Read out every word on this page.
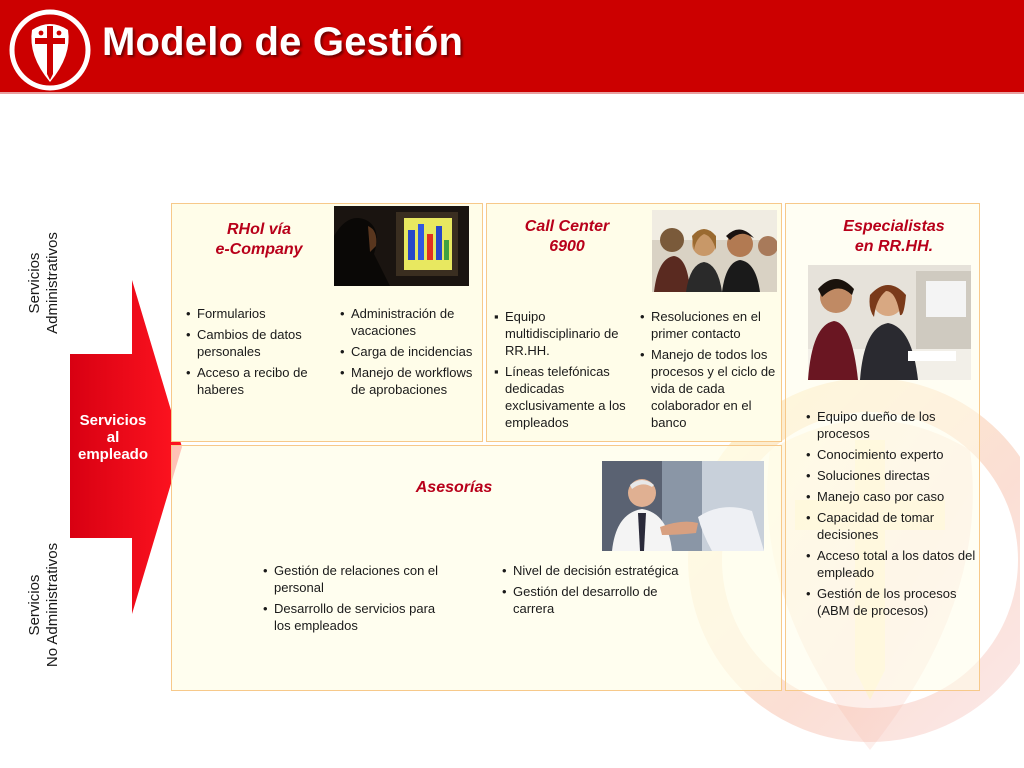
Modelo de Gestión
Servicios Administrativos
Servicios No Administrativos
Servicios
al
empleado
RHol vía
e-Company
• Formularios
• Cambios de datos personales
• Acceso a recibo de haberes
• Administración de vacaciones
• Carga de incidencias
• Manejo de workflows de aprobaciones
Call Center
6900
▪ Equipo multidisciplinario de RR.HH.
▪ Líneas telefónicas dedicadas exclusivamente a los empleados
• Resoluciones en el primer contacto
• Manejo de todos los procesos y el ciclo de vida de cada colaborador en el banco
Especialistas
en RR.HH.
• Equipo dueño de los procesos
• Conocimiento experto
• Soluciones directas
• Manejo caso por caso
• Capacidad de tomar decisiones
• Acceso total a los datos del empleado
• Gestión de los procesos (ABM de procesos)
Asesorías
• Gestión de relaciones con el personal
• Desarrollo de servicios para los empleados
• Nivel de decisión estratégica
• Gestión del desarrollo de carrera
